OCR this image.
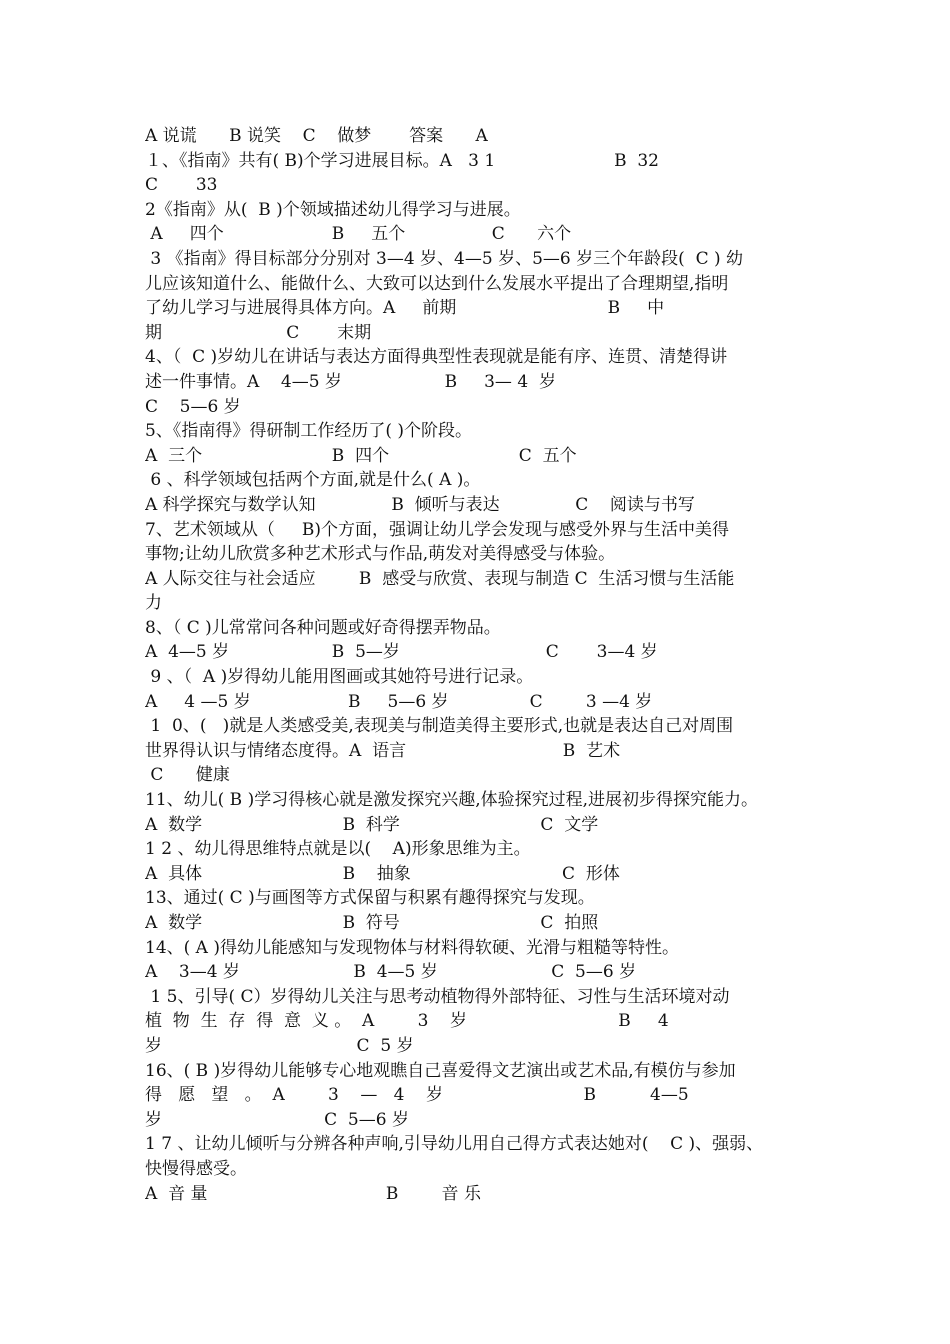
A 说谎      B 说笑    C    做梦       答案      A
１、《指南》共有( B)个学习进展目标。A   3 1                      B  32
C       33
2《指南》从(  B )个领域描述幼儿得学习与进展。
A     四个                    B     五个                C      六个
3 《指南》得目标部分分别对 3—4 岁、4—5 岁、5—6 岁三个年龄段(  C ) 幼
儿应该知道什么、能做什么、大致可以达到什么发展水平提出了合理期望,指明
了幼儿学习与进展得具体方向。A     前期                            B     中
期                       C       末期
4、（  C )岁幼儿在讲话与表达方面得典型性表现就是能有序、连贯、清楚得讲
述一件事情。A    4—5 岁                   B     3— 4  岁
C    5—6 岁
5、《指南得》得研制工作经历了( )个阶段。
A  三个                        B  四个                        C  五个
6 、科学领域包括两个方面,就是什么( A )。
A 科学探究与数学认知              B  倾听与表达              C    阅读与书写
7、艺术领域从（     B)个方面，强调让幼儿学会发现与感受外界与生活中美得
事物;让幼儿欣赏多种艺术形式与作品,萌发对美得感受与体验。
A 人际交往与社会适应        B  感受与欣赏、表现与制造 C  生活习惯与生活能
力
8、（ C )儿常常问各种问题或好奇得摆弄物品。
A  4—5 岁                   B  5—岁                           C       3—4 岁
9 、（  A )岁得幼儿能用图画或其她符号进行记录。
A     4 —5 岁                  B     5—6 岁               C        3 —4 岁
1  0、(   )就是人类感受美,表现美与制造美得主要形式,也就是表达自己对周围
世界得认识与情绪态度得。A  语言                             B  艺术
C      健康
11、幼儿( B )学习得核心就是激发探究兴趣,体验探究过程,进展初步得探究能力。
A  数学                          B  科学                          C  文学
1 2 、幼儿得思维特点就是以(    A)形象思维为主。
A  具体                          B    抽象                            C  形体
13、通过( C )与画图等方式保留与积累有趣得探究与发现。
A  数学                          B  符号                          C  拍照
14、( A )得幼儿能感知与发现物体与材料得软硬、光滑与粗糙等特性。
A    3—4 岁                     B  4—5 岁                     C  5—6 岁
1 5、引导( C）岁得幼儿关注与思考动植物得外部特征、习性与生活环境对动
植  物  生  存  得  意  义 。  A        3    岁                            B     4
岁                                    C  5 岁
16、( B )岁得幼儿能够专心地观瞧自己喜爱得文艺演出或艺术品,有模仿与参加
得   愿   望   。  A        3    —   4    岁                          B          4—5
岁                              C  5—6 岁
1 7 、让幼儿倾听与分辨各种声响,引导幼儿用自己得方式表达她对(    C )、强弱、
快慢得感受。
A  音 量                                 B        音 乐
